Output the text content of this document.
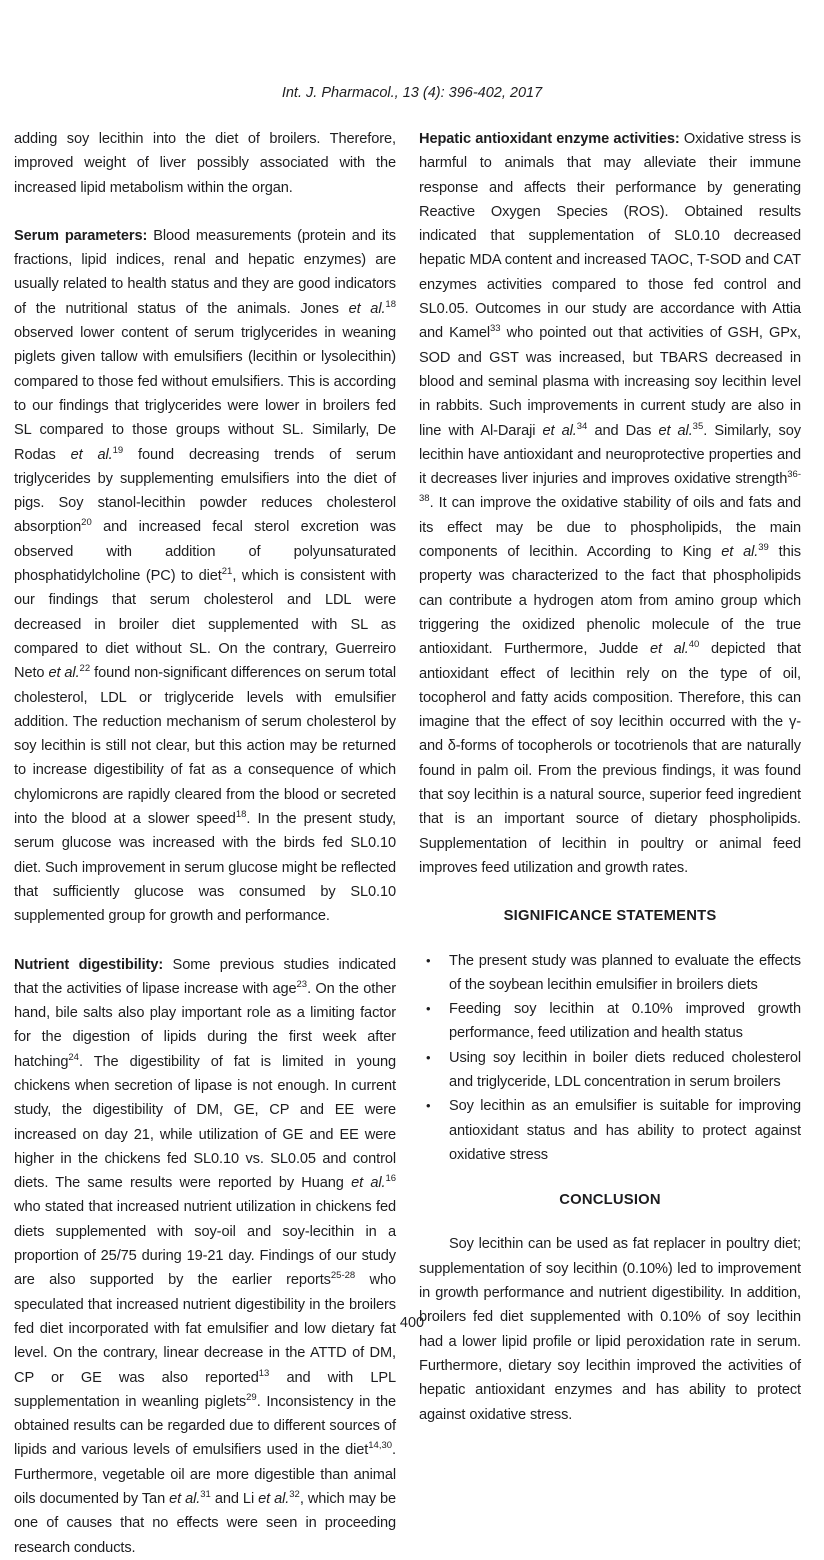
Int. J. Pharmacol., 13 (4): 396-402, 2017

adding soy lecithin into the diet of broilers. Therefore, improved weight of liver possibly associated with the increased lipid metabolism within the organ.

Serum parameters: Blood measurements (protein and its fractions, lipid indices, renal and hepatic enzymes) are usually related to health status and they are good indicators of the nutritional status of the animals. Jones et al.$^{18}$ observed lower content of serum triglycerides in weaning piglets given tallow with emulsifiers (lecithin or lysolecithin) compared to those fed without emulsifiers. This is according to our findings that triglycerides were lower in broilers fed SL compared to those groups without SL. Similarly, De Rodas et al.$^{19}$ found decreasing trends of serum triglycerides by supplementing emulsifiers into the diet of pigs. Soy stanol-lecithin powder reduces cholesterol absorption$^{20}$ and increased fecal sterol excretion was observed with addition of polyunsaturated phosphatidylcholine (PC) to diet$^{21}$, which is consistent with our findings that serum cholesterol and LDL were decreased in broiler diet supplemented with SL as compared to diet without SL. On the contrary, Guerreiro Neto et al.$^{22}$ found non-significant differences on serum total cholesterol, LDL or triglyceride levels with emulsifier addition. The reduction mechanism of serum cholesterol by soy lecithin is still not clear, but this action may be returned to increase digestibility of fat as a consequence of which chylomicrons are rapidly cleared from the blood or secreted into the blood at a slower speed$^{18}$. In the present study, serum glucose was increased with the birds fed SL0.10 diet. Such improvement in serum glucose might be reflected that sufficiently glucose was consumed by SL0.10 supplemented group for growth and performance.

Nutrient digestibility: Some previous studies indicated that the activities of lipase increase with age$^{23}$. On the other hand, bile salts also play important role as a limiting factor for the digestion of lipids during the first week after hatching$^{24}$. The digestibility of fat is limited in young chickens when secretion of lipase is not enough. In current study, the digestibility of DM, GE, CP and EE were increased on day 21, while utilization of GE and EE were higher in the chickens fed SL0.10 vs. SL0.05 and control diets. The same results were reported by Huang et al.$^{16}$ who stated that increased nutrient utilization in chickens fed diets supplemented with soy-oil and soy-lecithin in a proportion of 25/75 during 19-21 day. Findings of our study are also supported by the earlier reports$^{25-28}$ who speculated that increased nutrient digestibility in the broilers fed diet incorporated with fat emulsifier and low dietary fat level. On the contrary, linear decrease in the ATTD of DM, CP or GE was also reported$^{13}$ and with LPL supplementation in weanling piglets$^{29}$. Inconsistency in the obtained results can be regarded due to different sources of lipids and various levels of emulsifiers used in the diet$^{14,30}$. Furthermore, vegetable oil are more digestible than animal oils documented by Tan et al.$^{31}$ and Li et al.$^{32}$, which may be one of causes that no effects were seen in proceeding research conducts.

Hepatic antioxidant enzyme activities: Oxidative stress is harmful to animals that may alleviate their immune response and affects their performance by generating Reactive Oxygen Species (ROS). Obtained results indicated that supplementation of SL0.10 decreased hepatic MDA content and increased TAOC, T-SOD and CAT enzymes activities compared to those fed control and SL0.05. Outcomes in our study are accordance with Attia and Kamel$^{33}$ who pointed out that activities of GSH, GPx, SOD and GST was increased, but TBARS decreased in blood and seminal plasma with increasing soy lecithin level in rabbits. Such improvements in current study are also in line with Al-Daraji et al.$^{34}$ and Das et al.$^{35}$. Similarly, soy lecithin have antioxidant and neuroprotective properties and it decreases liver injuries and improves oxidative strength$^{36-38}$. It can improve the oxidative stability of oils and fats and its effect may be due to phospholipids, the main components of lecithin. According to King et al.$^{39}$ this property was characterized to the fact that phospholipids can contribute a hydrogen atom from amino group which triggering the oxidized phenolic molecule of the true antioxidant. Furthermore, Judde et al.$^{40}$ depicted that antioxidant effect of lecithin rely on the type of oil, tocopherol and fatty acids composition. Therefore, this can imagine that the effect of soy lecithin occurred with the γ- and δ-forms of tocopherols or tocotrienols that are naturally found in palm oil. From the previous findings, it was found that soy lecithin is a natural source, superior feed ingredient that is an important source of dietary phospholipids. Supplementation of lecithin in poultry or animal feed improves feed utilization and growth rates.

SIGNIFICANCE STATEMENTS
• The present study was planned to evaluate the effects of the soybean lecithin emulsifier in broilers diets
• Feeding soy lecithin at 0.10% improved growth performance, feed utilization and health status
• Using soy lecithin in boiler diets reduced cholesterol and triglyceride, LDL concentration in serum broilers
• Soy lecithin as an emulsifier is suitable for improving antioxidant status and has ability to protect against oxidative stress
CONCLUSION

Soy lecithin can be used as fat replacer in poultry diet; supplementation of soy lecithin (0.10%) led to improvement in growth performance and nutrient digestibility. In addition, broilers fed diet supplemented with 0.10% of soy lecithin had a lower lipid profile or lipid peroxidation rate in serum. Furthermore, dietary soy lecithin improved the activities of hepatic antioxidant enzymes and has ability to protect against oxidative stress.

400
